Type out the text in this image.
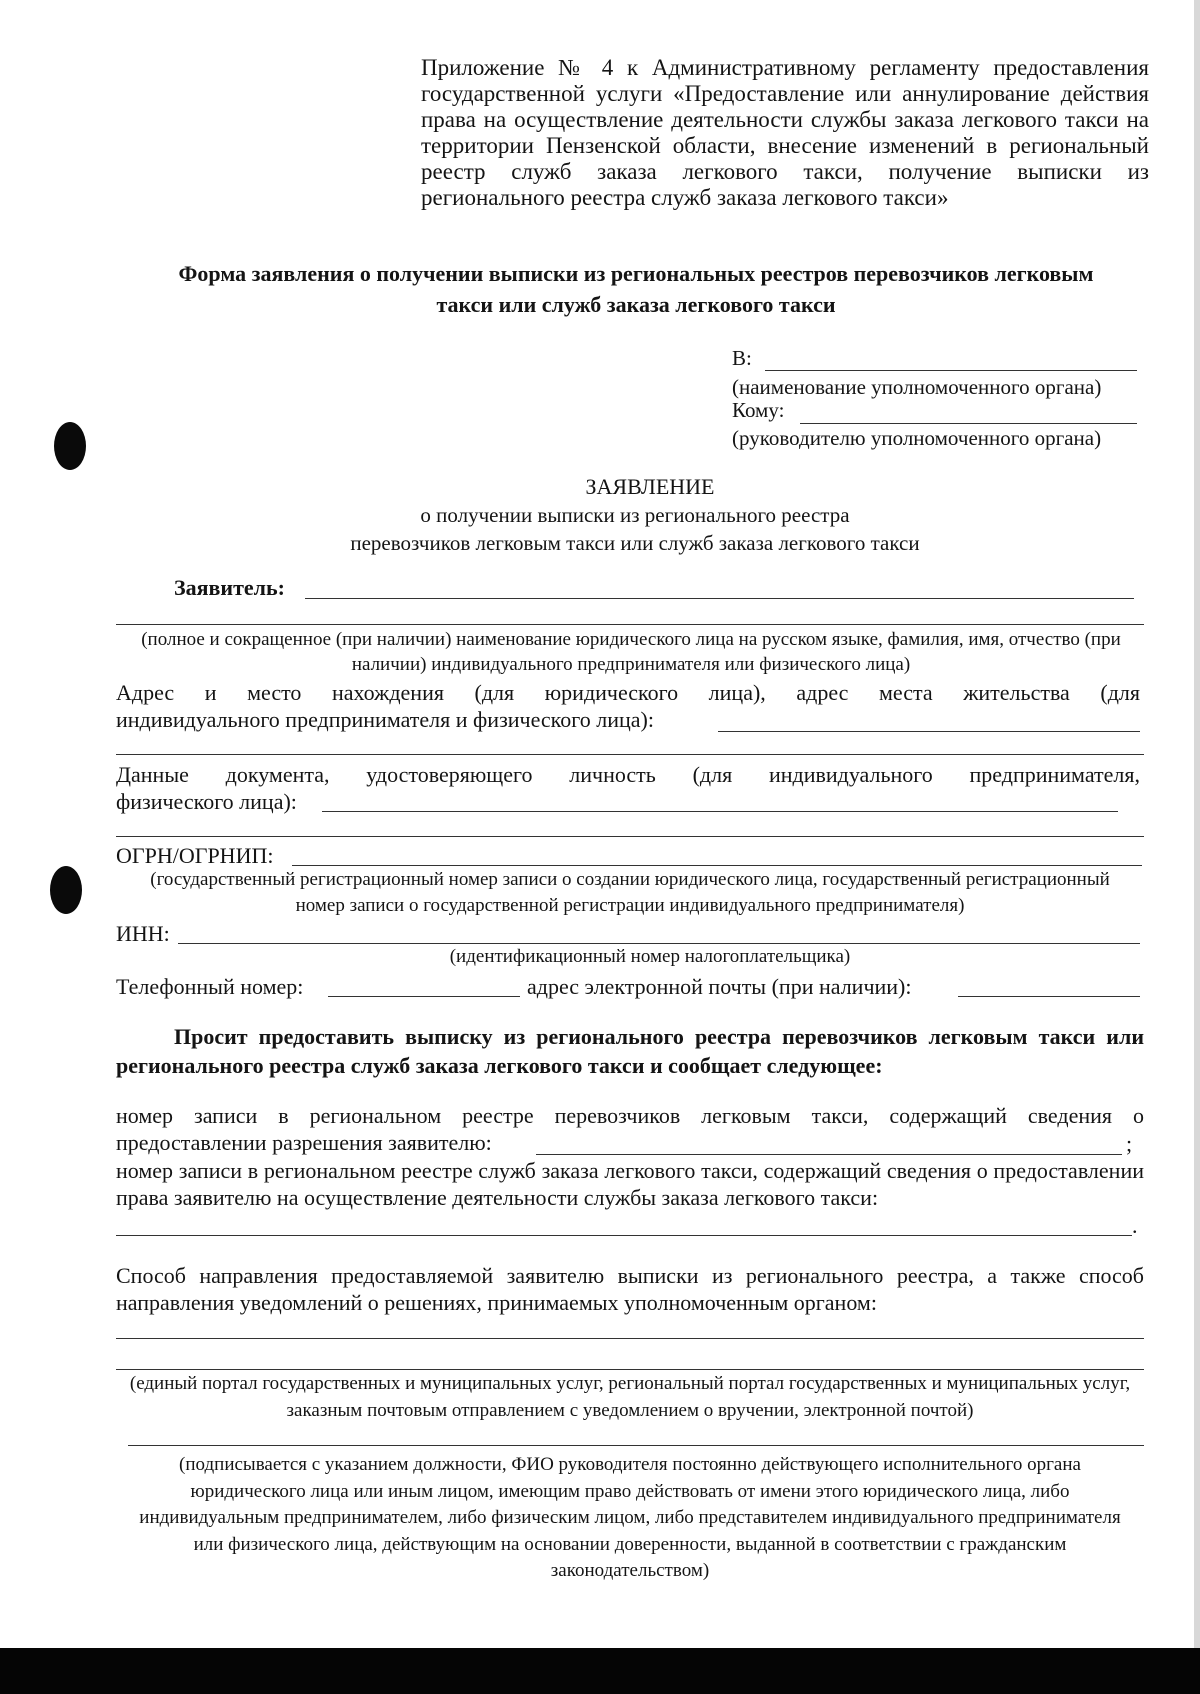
Приложение № 4 к Административному регламенту предоставления государственной услуги «Предоставление или аннулирование действия права на осуществление деятельности службы заказа легкового такси на территории Пензенской области, внесение изменений в региональный реестр служб заказа легкового такси, получение выписки из регионального реестра служб заказа легкового такси»
Форма заявления о получении выписки из региональных реестров перевозчиков легковым
такси или служб заказа легкового такси
В:
(наименование уполномоченного органа)
Кому:
(руководителю уполномоченного органа)
ЗАЯВЛЕНИЕ
о получении выписки из регионального реестра
перевозчиков легковым такси или служб заказа легкового такси
Заявитель:
(полное и сокращенное (при наличии) наименование юридического лица на русском языке, фамилия, имя, отчество (при наличии) индивидуального предпринимателя или физического лица)
Адрес и место нахождения (для юридического лица), адрес места жительства (для
индивидуального предпринимателя и физического лица):
Данные документа, удостоверяющего личность (для индивидуального предпринимателя,
физического лица):
ОГРН/ОГРНИП:
(государственный регистрационный номер записи о создании юридического лица, государственный регистрационный номер записи о государственной регистрации индивидуального предпринимателя)
ИНН:
(идентификационный номер налогоплательщика)
Телефонный номер:	адрес электронной почты (при наличии):
Просит предоставить выписку из регионального реестра перевозчиков легковым такси или регионального реестра служб заказа легкового такси и сообщает следующее:
номер записи в региональном реестре перевозчиков легковым такси, содержащий сведения о предоставлении разрешения заявителю:	;
номер записи в региональном реестре служб заказа легкового такси, содержащий сведения о предоставлении права заявителю на осуществление деятельности службы заказа легкового такси:
.
Способ направления предоставляемой заявителю выписки из регионального реестра, а также способ направления уведомлений о решениях, принимаемых уполномоченным органом:
(единый портал государственных и муниципальных услуг, региональный портал государственных и муниципальных услуг, заказным почтовым отправлением с уведомлением о вручении, электронной почтой)
(подписывается с указанием должности, ФИО руководителя постоянно действующего исполнительного органа юридического лица или иным лицом, имеющим право действовать от имени этого юридического лица, либо индивидуальным предпринимателем, либо физическим лицом, либо представителем индивидуального предпринимателя или физического лица, действующим на основании доверенности, выданной в соответствии с гражданским законодательством)
